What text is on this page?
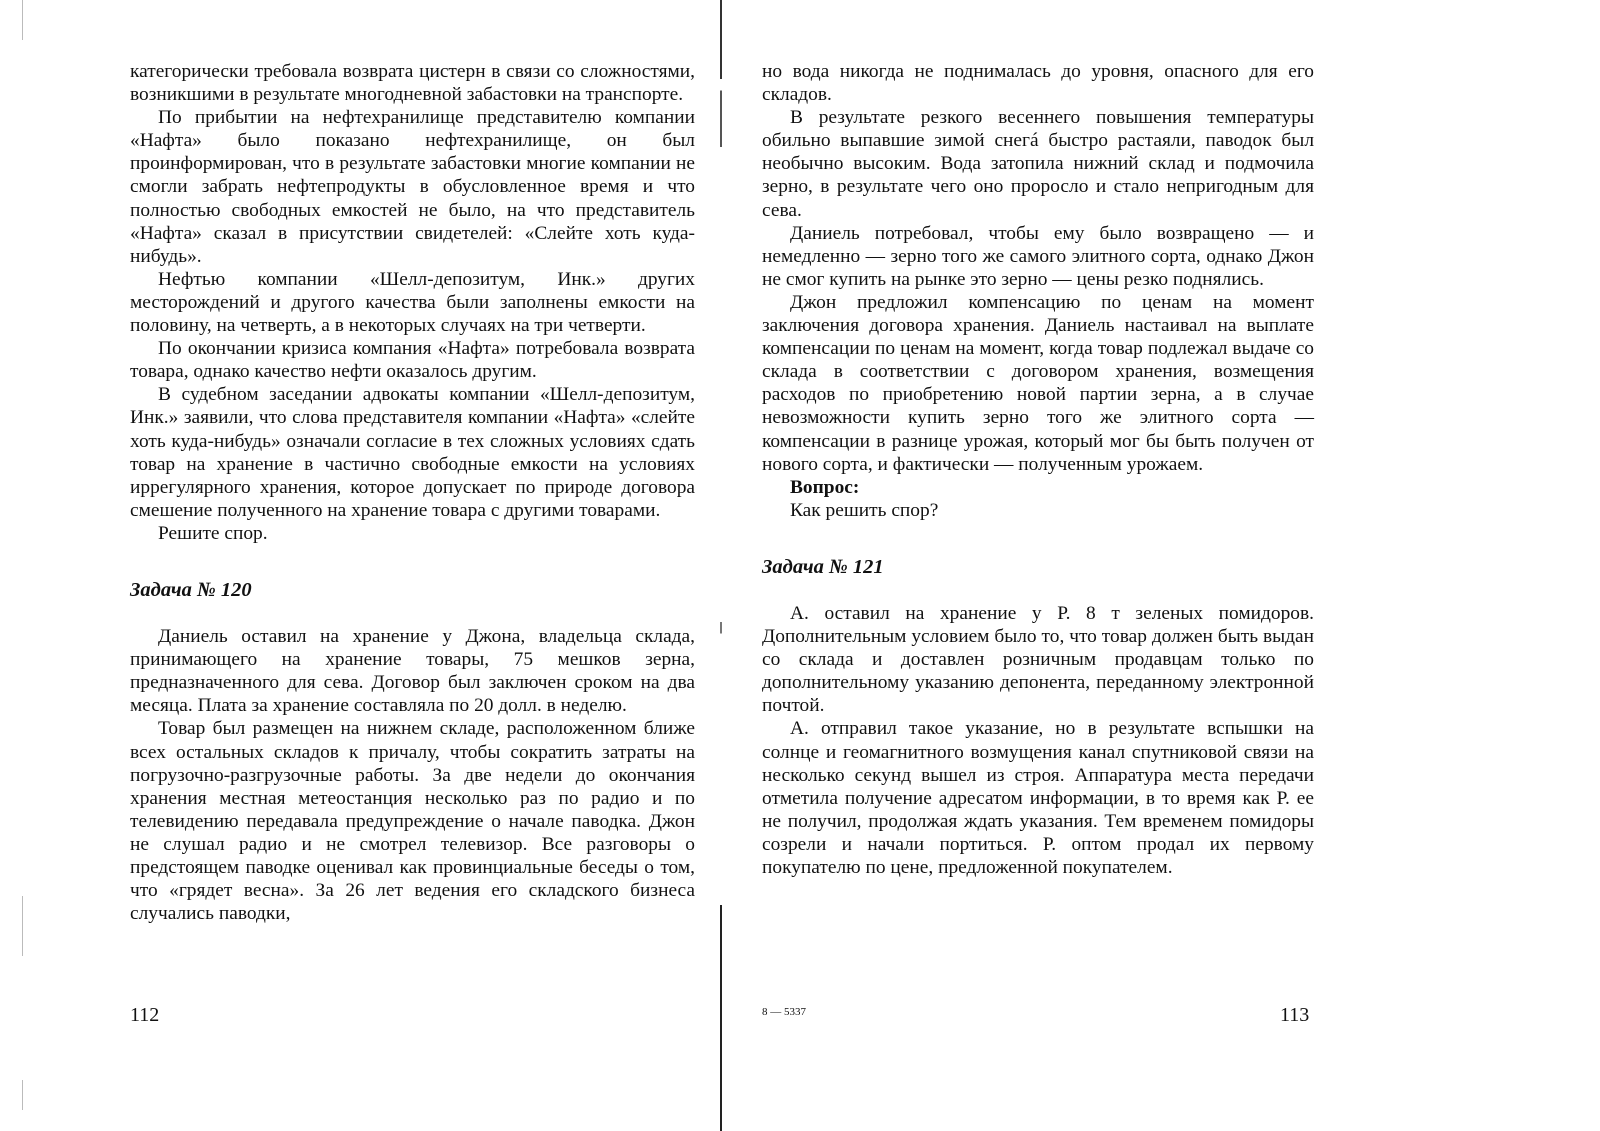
категорически требовала возврата цистерн в связи со сложностями, возникшими в результате многодневной забастовки на транспорте.

По прибытии на нефтехранилище представителю компании «Нафта» было показано нефтехранилище, он был проинформирован, что в результате забастовки многие компании не смогли забрать нефтепродукты в обусловленное время и что полностью свободных емкостей не было, на что представитель «Нафта» сказал в присутствии свидетелей: «Слейте хоть куда-нибудь».

Нефтью компании «Шелл-депозитум, Инк.» других месторождений и другого качества были заполнены емкости на половину, на четверть, а в некоторых случаях на три четверти.

По окончании кризиса компания «Нафта» потребовала возврата товара, однако качество нефти оказалось другим.

В судебном заседании адвокаты компании «Шелл-депозитум, Инк.» заявили, что слова представителя компании «Нафта» «слейте хоть куда-нибудь» означали согласие в тех сложных условиях сдать товар на хранение в частично свободные емкости на условиях иррегулярного хранения, которое допускает по природе договора смешение полученного на хранение товара с другими товарами.

Решите спор.

Задача № 120

Даниель оставил на хранение у Джона, владельца склада, принимающего на хранение товары, 75 мешков зерна, предназначенного для сева. Договор был заключен сроком на два месяца. Плата за хранение составляла по 20 долл. в неделю.

Товар был размещен на нижнем складе, расположенном ближе всех остальных складов к причалу, чтобы сократить затраты на погрузочно-разгрузочные работы. За две недели до окончания хранения местная метеостанция несколько раз по радио и по телевидению передавала предупреждение о начале паводка. Джон не слушал радио и не смотрел телевизор. Все разговоры о предстоящем паводке оценивал как провинциальные беседы о том, что «грядет весна». За 26 лет ведения его складского бизнеса случались паводки,

112

но вода никогда не поднималась до уровня, опасного для его складов.

В результате резкого весеннего повышения температуры обильно выпавшие зимой снегá быстро растаяли, паводок был необычно высоким. Вода затопила нижний склад и подмочила зерно, в результате чего оно проросло и стало непригодным для сева.

Даниель потребовал, чтобы ему было возвращено — и немедленно — зерно того же самого элитного сорта, однако Джон не смог купить на рынке это зерно — цены резко поднялись.

Джон предложил компенсацию по ценам на момент заключения договора хранения. Даниель настаивал на выплате компенсации по ценам на момент, когда товар подлежал выдаче со склада в соответствии с договором хранения, возмещения расходов по приобретению новой партии зерна, а в случае невозможности купить зерно того же элитного сорта — компенсации в разнице урожая, который мог бы быть получен от нового сорта, и фактически — полученным урожаем.

Вопрос:

Как решить спор?

Задача № 121

А. оставил на хранение у Р. 8 т зеленых помидоров. Дополнительным условием было то, что товар должен быть выдан со склада и доставлен розничным продавцам только по дополнительному указанию депонента, переданному электронной почтой.

А. отправил такое указание, но в результате вспышки на солнце и геомагнитного возмущения канал спутниковой связи на несколько секунд вышел из строя. Аппаратура места передачи отметила получение адресатом информации, в то время как Р. ее не получил, продолжая ждать указания. Тем временем помидоры созрели и начали портиться. Р. оптом продал их первому покупателю по цене, предложенной покупателем.

8 — 5337	113
